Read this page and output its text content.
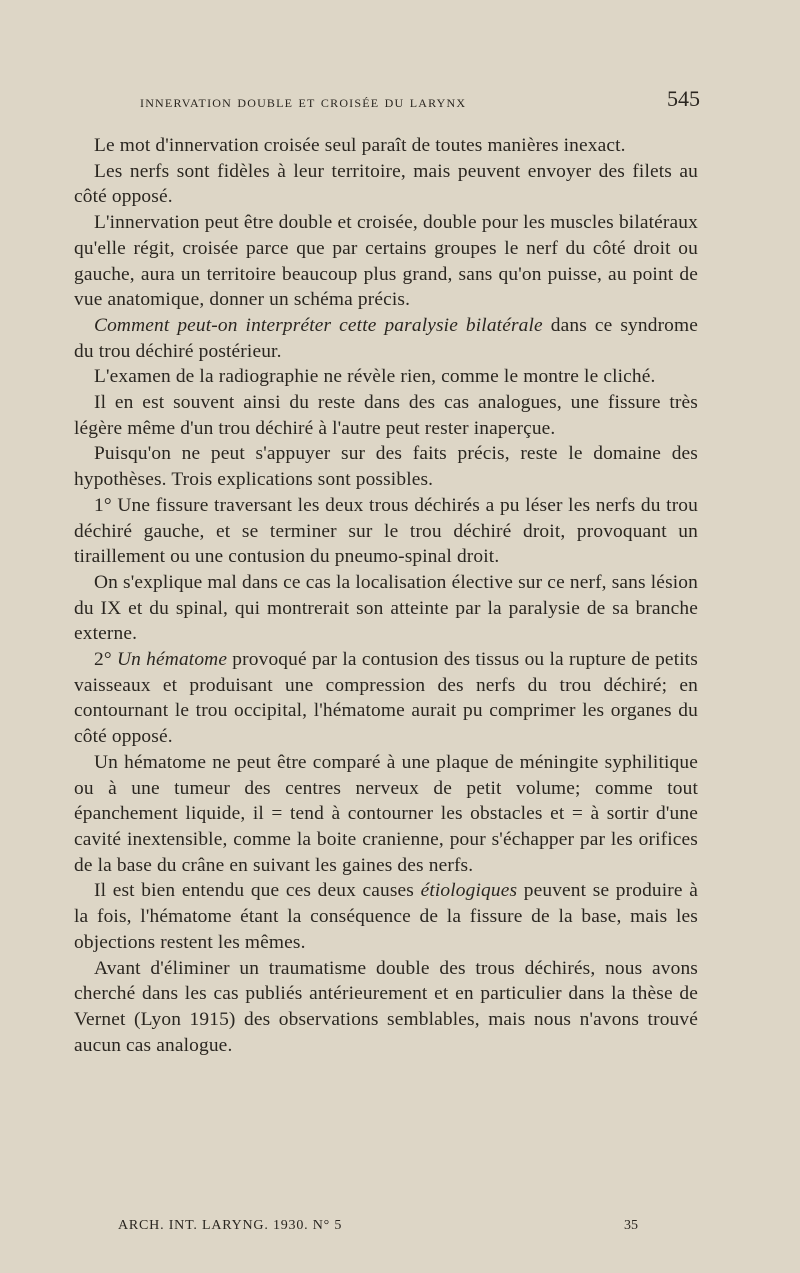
innervation double et croisée du larynx	545

Le mot d'innervation croisée seul paraît de toutes manières inexact.

Les nerfs sont fidèles à leur territoire, mais peuvent envoyer des filets au côté opposé.

L'innervation peut être double et croisée, double pour les muscles bilatéraux qu'elle régit, croisée parce que par certains groupes le nerf du côté droit ou gauche, aura un territoire beaucoup plus grand, sans qu'on puisse, au point de vue anatomique, donner un schéma précis.

Comment peut-on interpréter cette paralysie bilatérale dans ce syndrome du trou déchiré postérieur.

L'examen de la radiographie ne révèle rien, comme le montre le cliché.

Il en est souvent ainsi du reste dans des cas analogues, une fissure très légère même d'un trou déchiré à l'autre peut rester inaperçue.

Puisqu'on ne peut s'appuyer sur des faits précis, reste le domaine des hypothèses. Trois explications sont possibles.

1° Une fissure traversant les deux trous déchirés a pu léser les nerfs du trou déchiré gauche, et se terminer sur le trou déchiré droit, provoquant un tiraillement ou une contusion du pneumo-spinal droit.

On s'explique mal dans ce cas la localisation élective sur ce nerf, sans lésion du IX et du spinal, qui montrerait son atteinte par la paralysie de sa branche externe.

2° Un hématome provoqué par la contusion des tissus ou la rupture de petits vaisseaux et produisant une compression des nerfs du trou déchiré; en contournant le trou occipital, l'hématome aurait pu comprimer les organes du côté opposé.

Un hématome ne peut être comparé à une plaque de méningite syphilitique ou à une tumeur des centres nerveux de petit volume; comme tout épanchement liquide, il = tend à contourner les obstacles et = à sortir d'une cavité inextensible, comme la boite cranienne, pour s'échapper par les orifices de la base du crâne en suivant les gaines des nerfs.

Il est bien entendu que ces deux causes étiologiques peuvent se produire à la fois, l'hématome étant la conséquence de la fissure de la base, mais les objections restent les mêmes.

Avant d'éliminer un traumatisme double des trous déchirés, nous avons cherché dans les cas publiés antérieurement et en particulier dans la thèse de Vernet (Lyon 1915) des observations semblables, mais nous n'avons trouvé aucun cas analogue.

ARCH. INT. LARYNG. 1930. N° 5	35
